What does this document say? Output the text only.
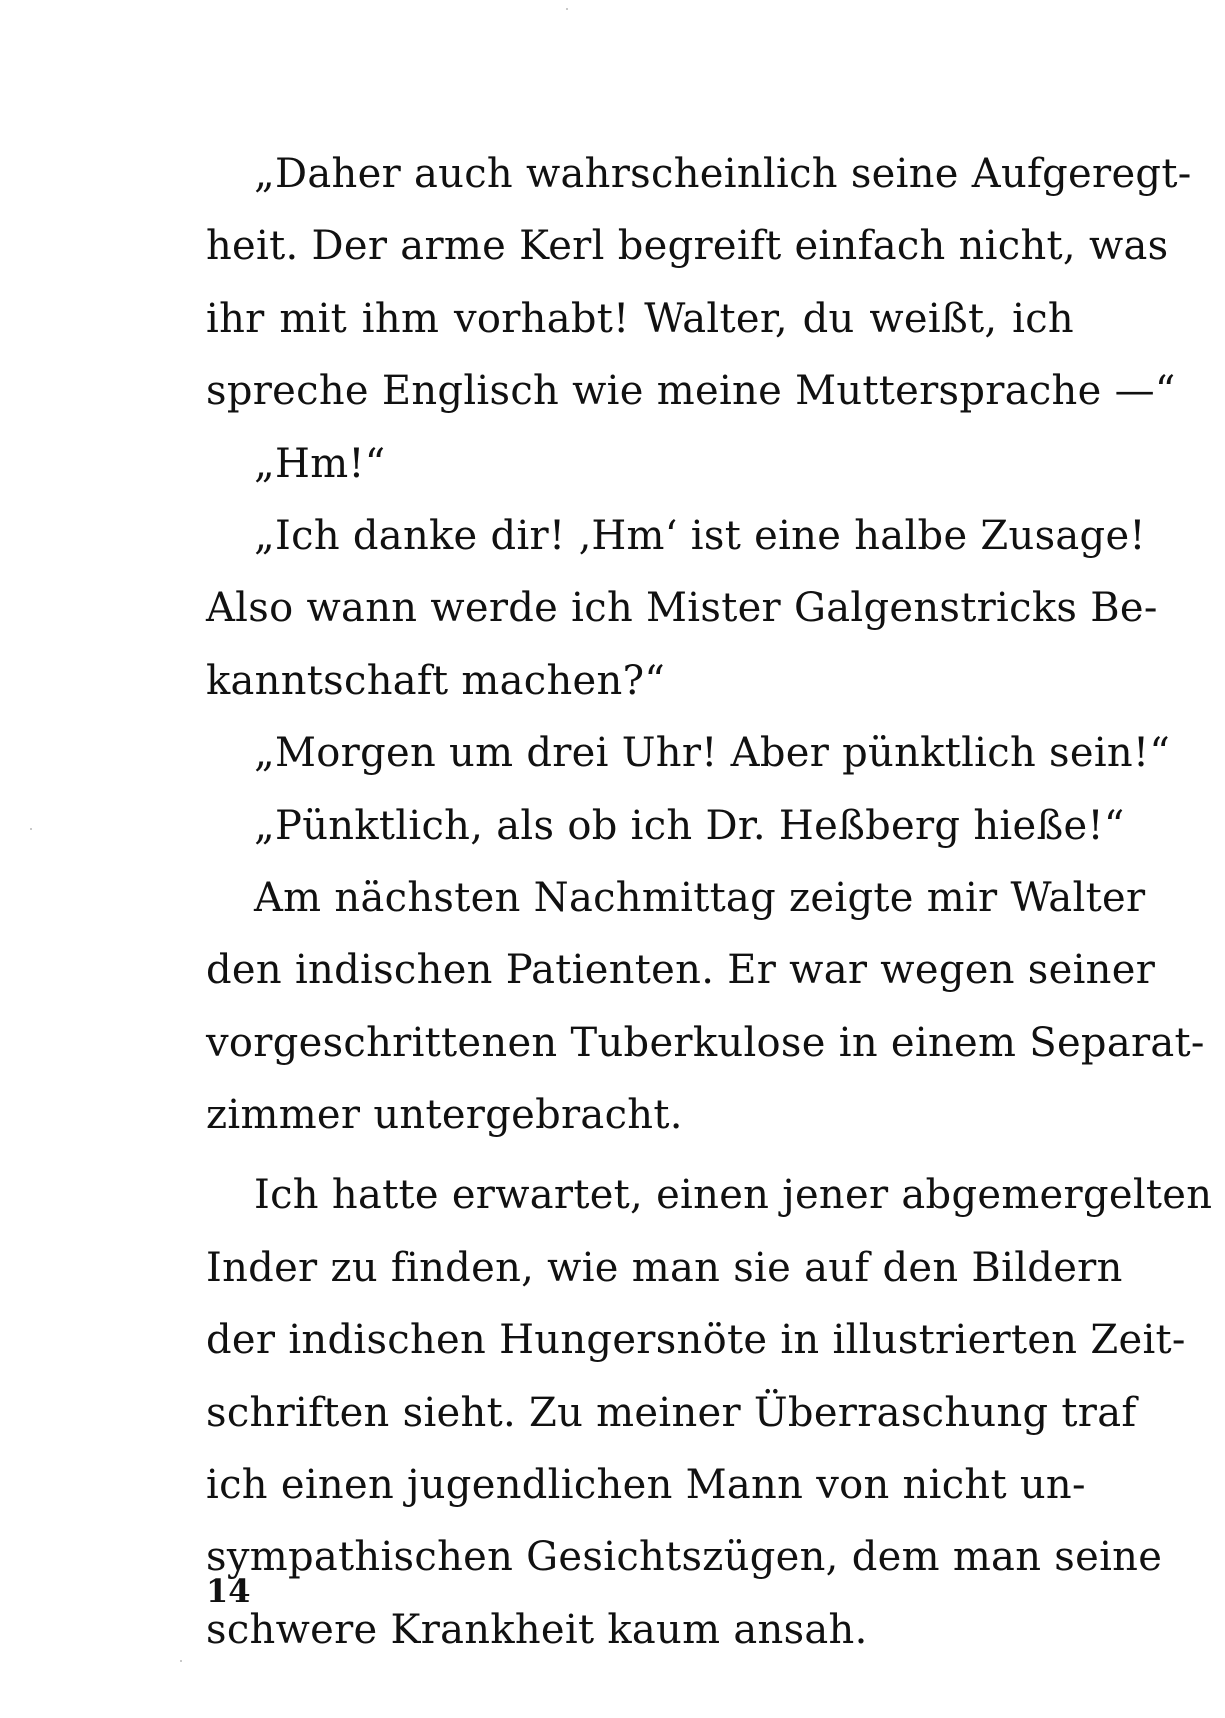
„Daher auch wahrscheinlich seine Aufgeregt-
heit. Der arme Kerl begreift einfach nicht, was
ihr mit ihm vorhabt! Walter, du weißt, ich
spreche Englisch wie meine Muttersprache —“
„Hm!“
„Ich danke dir! ‚Hm‘ ist eine halbe Zusage!
Also wann werde ich Mister Galgenstricks Be-
kanntschaft machen?“
„Morgen um drei Uhr! Aber pünktlich sein!“
„Pünktlich, als ob ich Dr. Heßberg hieße!“
Am nächsten Nachmittag zeigte mir Walter
den indischen Patienten. Er war wegen seiner
vorgeschrittenen Tuberkulose in einem Separat-
zimmer untergebracht.
Ich hatte erwartet, einen jener abgemergelten
Inder zu finden, wie man sie auf den Bildern
der indischen Hungersnöte in illustrierten Zeit-
schriften sieht. Zu meiner Überraschung traf
ich einen jugendlichen Mann von nicht un-
sympathischen Gesichtszügen, dem man seine
schwere Krankheit kaum ansah.
14
